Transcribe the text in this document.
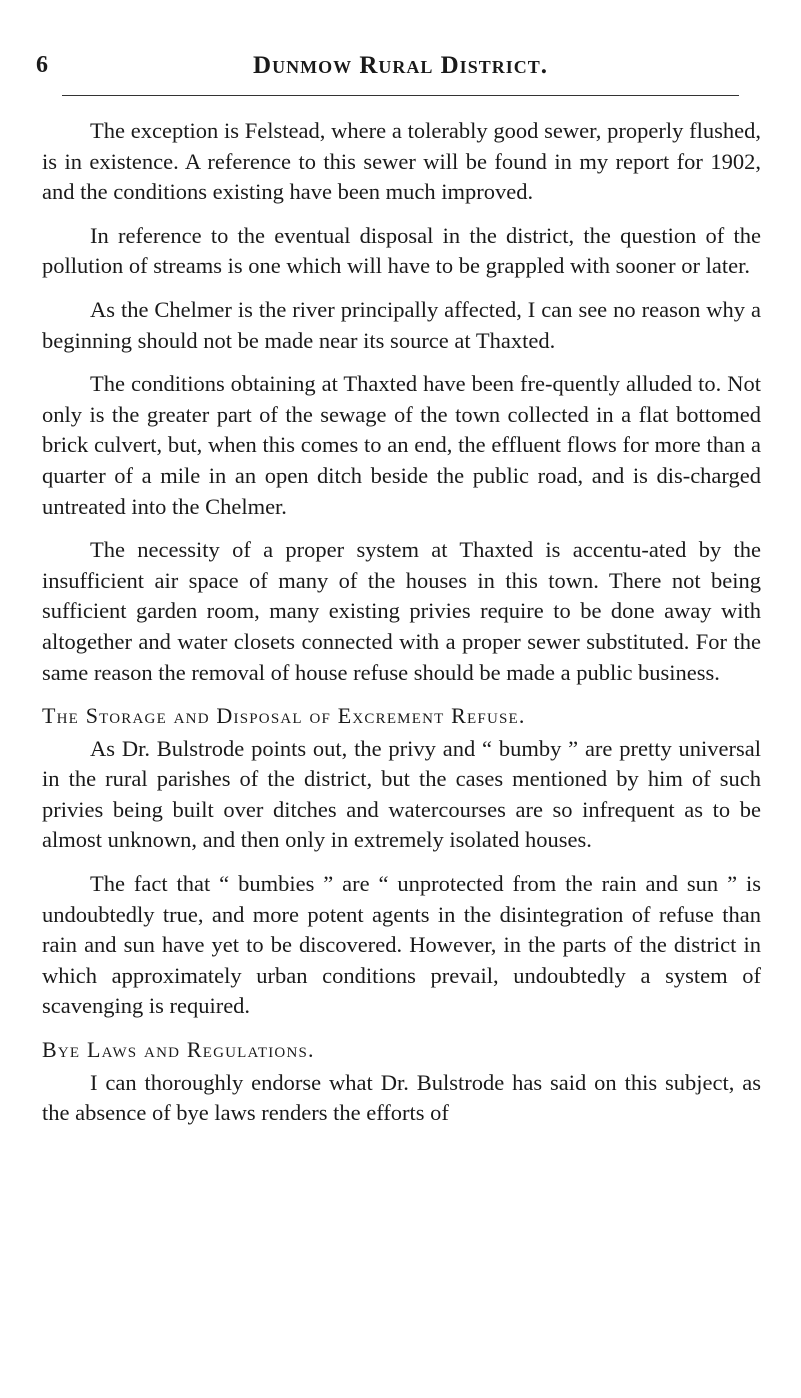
6	Dunmow Rural District.

The exception is Felstead, where a tolerably good sewer, properly flushed, is in existence. A reference to this sewer will be found in my report for 1902, and the conditions existing have been much improved.

In reference to the eventual disposal in the district, the question of the pollution of streams is one which will have to be grappled with sooner or later.

As the Chelmer is the river principally affected, I can see no reason why a beginning should not be made near its source at Thaxted.

The conditions obtaining at Thaxted have been fre-quently alluded to. Not only is the greater part of the sewage of the town collected in a flat bottomed brick culvert, but, when this comes to an end, the effluent flows for more than a quarter of a mile in an open ditch beside the public road, and is dis-charged untreated into the Chelmer.

The necessity of a proper system at Thaxted is accentu-ated by the insufficient air space of many of the houses in this town. There not being sufficient garden room, many existing privies require to be done away with altogether and water closets connected with a proper sewer substituted. For the same reason the removal of house refuse should be made a public business.

The Storage and Disposal of Excrement Refuse.

As Dr. Bulstrode points out, the privy and “ bumby ” are pretty universal in the rural parishes of the district, but the cases mentioned by him of such privies being built over ditches and watercourses are so infrequent as to be almost unknown, and then only in extremely isolated houses.

The fact that “ bumbies ” are “ unprotected from the rain and sun ” is undoubtedly true, and more potent agents in the disintegration of refuse than rain and sun have yet to be discovered. However, in the parts of the district in which approximately urban conditions prevail, undoubtedly a system of scavenging is required.

Bye Laws and Regulations.

I can thoroughly endorse what Dr. Bulstrode has said on this subject, as the absence of bye laws renders the efforts of
